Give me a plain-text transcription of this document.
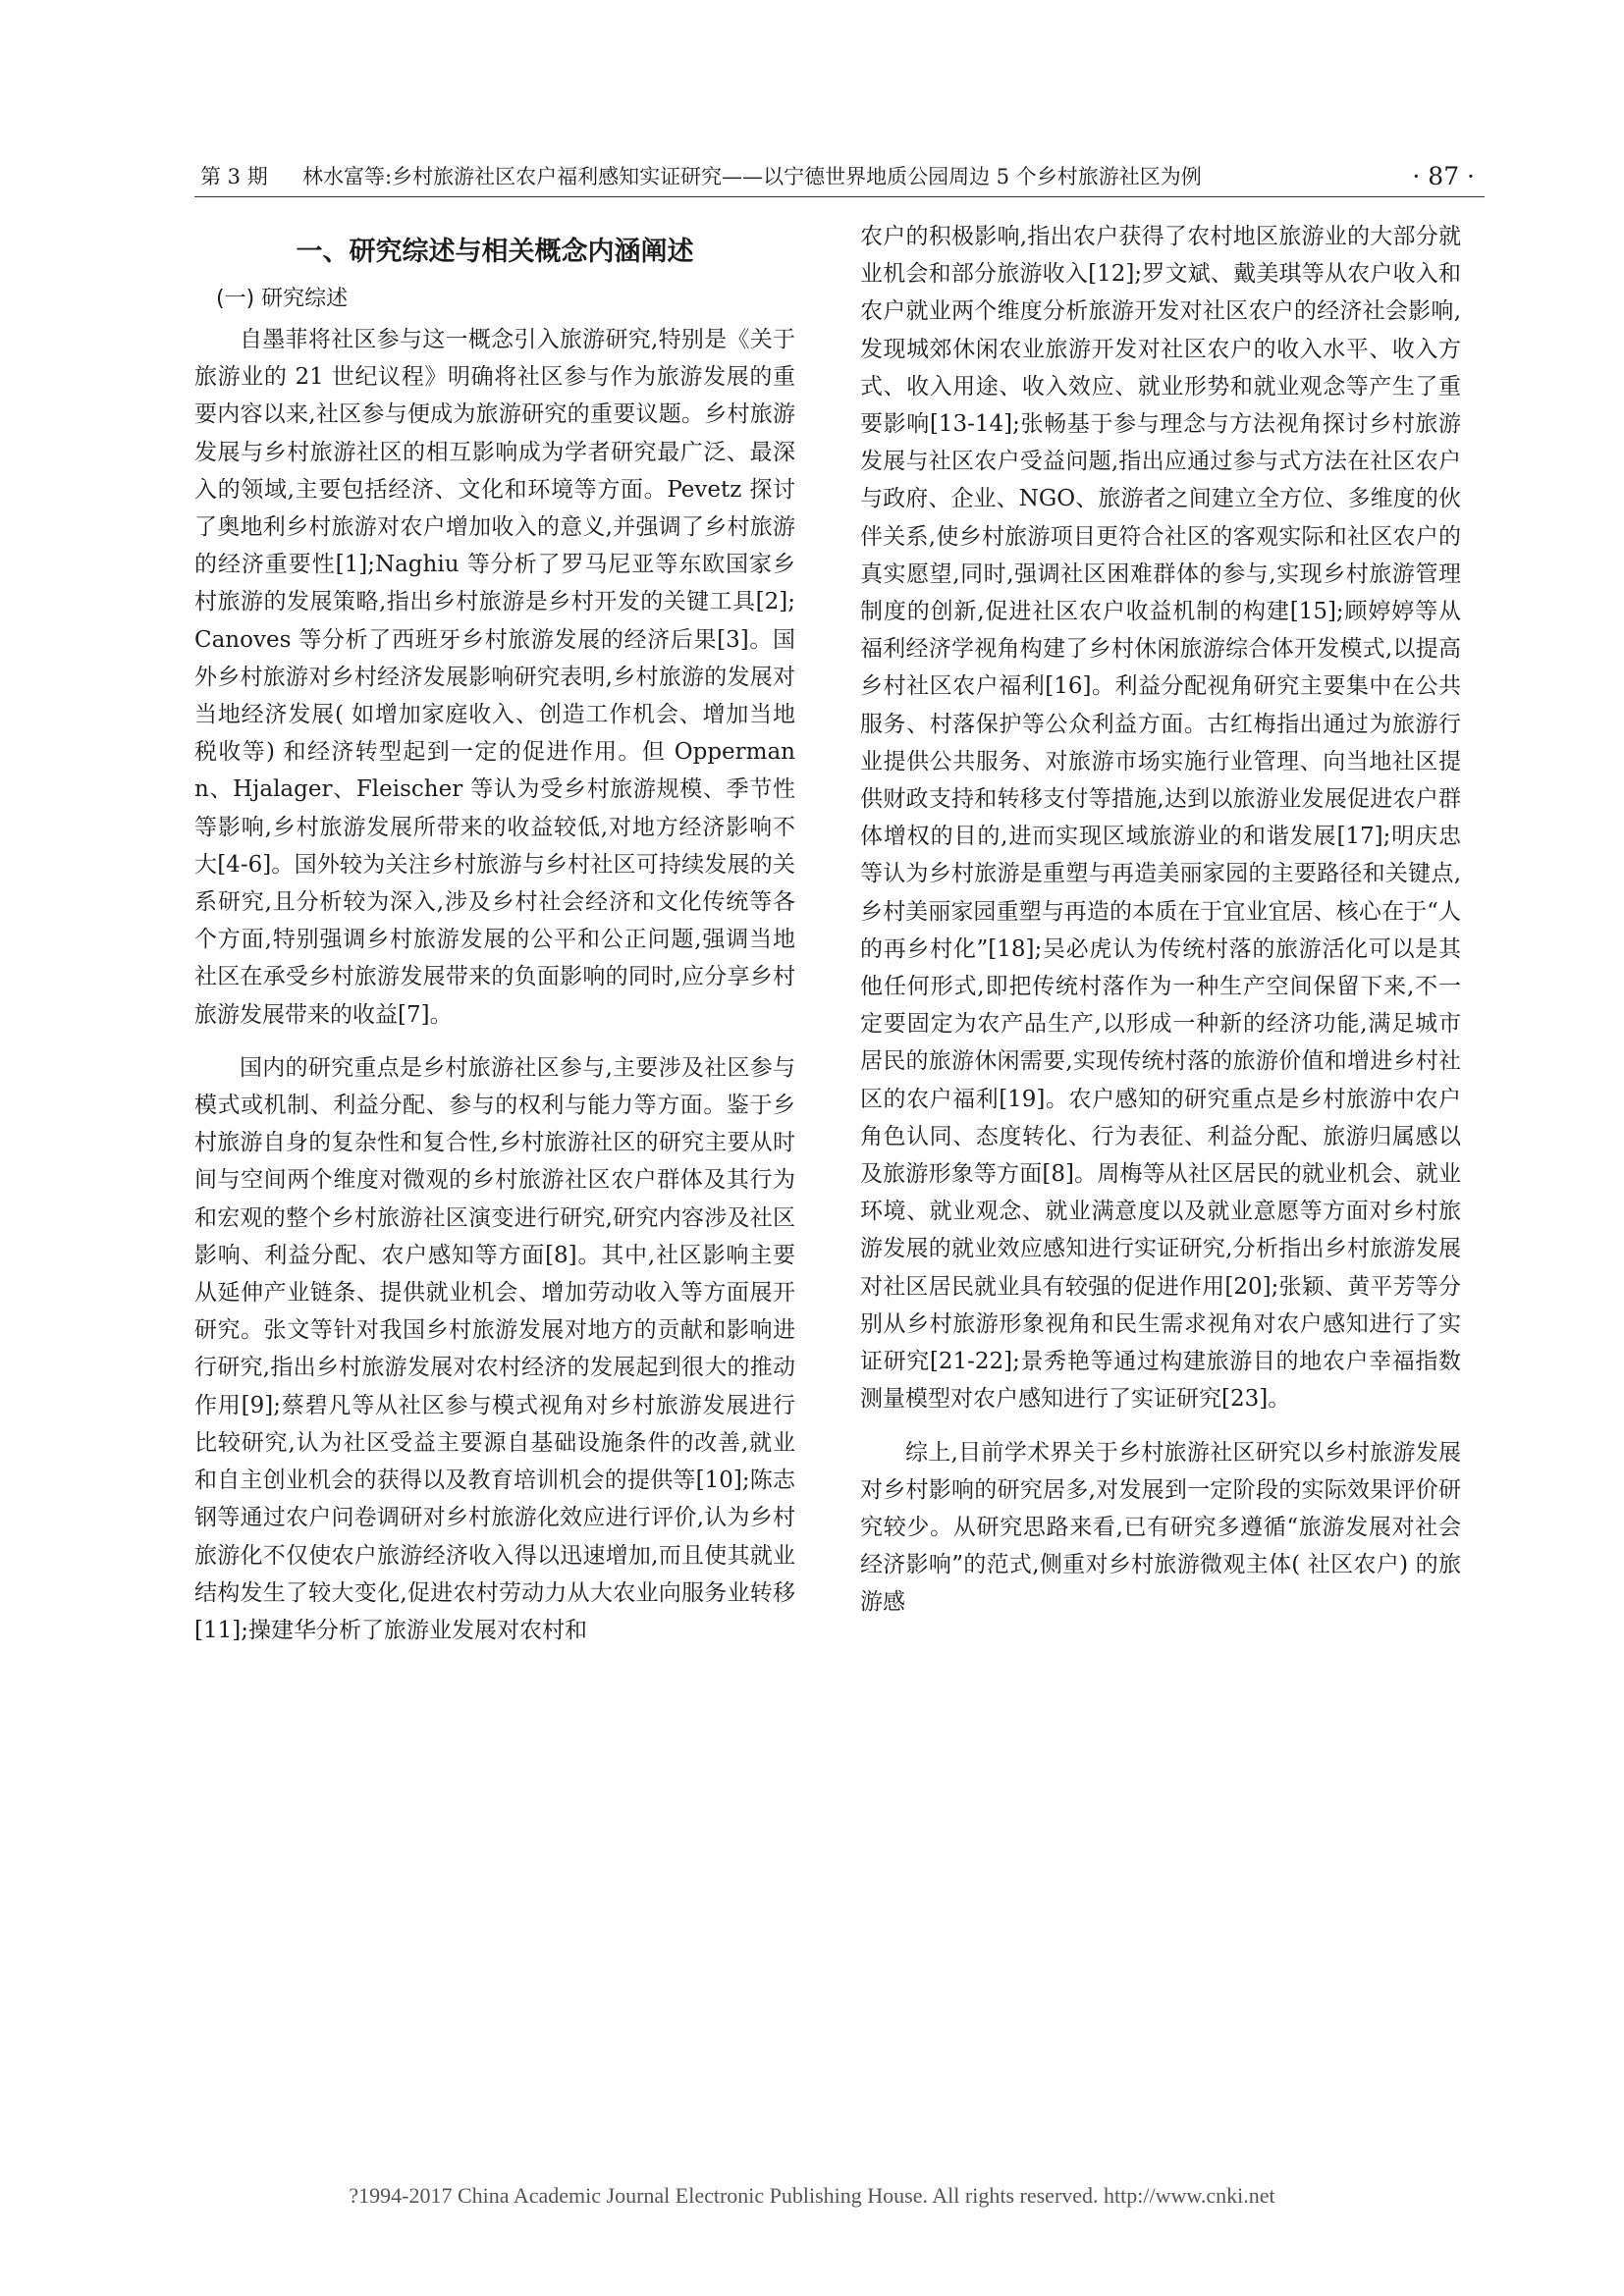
第 3 期 林水富等:乡村旅游社区农户福利感知实证研究——以宁德世界地质公园周边 5 个乡村旅游社区为例	· 87 ·
一、研究综述与相关概念内涵阐述
(一) 研究综述

自墨菲将社区参与这一概念引入旅游研究,特别是《关于旅游业的 21 世纪议程》明确将社区参与作为旅游发展的重要内容以来,社区参与便成为旅游研究的重要议题。乡村旅游发展与乡村旅游社区的相互影响成为学者研究最广泛、最深入的领域,主要包括经济、文化和环境等方面。Pevetz 探讨了奥地利乡村旅游对农户增加收入的意义,并强调了乡村旅游的经济重要性[1];Naghiu 等分析了罗马尼亚等东欧国家乡村旅游的发展策略,指出乡村旅游是乡村开发的关键工具[2];Canoves 等分析了西班牙乡村旅游发展的经济后果[3]。国外乡村旅游对乡村经济发展影响研究表明,乡村旅游的发展对当地经济发展( 如增加家庭收入、创造工作机会、增加当地税收等) 和经济转型起到一定的促进作用。但 Oppermann、Hjalager、Fleischer 等认为受乡村旅游规模、季节性等影响,乡村旅游发展所带来的收益较低,对地方经济影响不大[4-6]。国外较为关注乡村旅游与乡村社区可持续发展的关系研究,且分析较为深入,涉及乡村社会经济和文化传统等各个方面,特别强调乡村旅游发展的公平和公正问题,强调当地社区在承受乡村旅游发展带来的负面影响的同时,应分享乡村旅游发展带来的收益[7]。

国内的研究重点是乡村旅游社区参与,主要涉及社区参与模式或机制、利益分配、参与的权利与能力等方面。鉴于乡村旅游自身的复杂性和复合性,乡村旅游社区的研究主要从时间与空间两个维度对微观的乡村旅游社区农户群体及其行为和宏观的整个乡村旅游社区演变进行研究,研究内容涉及社区影响、利益分配、农户感知等方面[8]。其中,社区影响主要从延伸产业链条、提供就业机会、增加劳动收入等方面展开研究。张文等针对我国乡村旅游发展对地方的贡献和影响进行研究,指出乡村旅游发展对农村经济的发展起到很大的推动作用[9];蔡碧凡等从社区参与模式视角对乡村旅游发展进行比较研究,认为社区受益主要源自基础设施条件的改善,就业和自主创业机会的获得以及教育培训机会的提供等[10];陈志钢等通过农户问卷调研对乡村旅游化效应进行评价,认为乡村旅游化不仅使农户旅游经济收入得以迅速增加,而且使其就业结构发生了较大变化,促进农村劳动力从大农业向服务业转移[11];操建华分析了旅游业发展对农村和

农户的积极影响,指出农户获得了农村地区旅游业的大部分就业机会和部分旅游收入[12];罗文斌、戴美琪等从农户收入和农户就业两个维度分析旅游开发对社区农户的经济社会影响,发现城郊休闲农业旅游开发对社区农户的收入水平、收入方式、收入用途、收入效应、就业形势和就业观念等产生了重要影响[13-14];张畅基于参与理念与方法视角探讨乡村旅游发展与社区农户受益问题,指出应通过参与式方法在社区农户与政府、企业、NGO、旅游者之间建立全方位、多维度的伙伴关系,使乡村旅游项目更符合社区的客观实际和社区农户的真实愿望,同时,强调社区困难群体的参与,实现乡村旅游管理制度的创新,促进社区农户收益机制的构建[15];顾婷婷等从福利经济学视角构建了乡村休闲旅游综合体开发模式,以提高乡村社区农户福利[16]。利益分配视角研究主要集中在公共服务、村落保护等公众利益方面。古红梅指出通过为旅游行业提供公共服务、对旅游市场实施行业管理、向当地社区提供财政支持和转移支付等措施,达到以旅游业发展促进农户群体增权的目的,进而实现区域旅游业的和谐发展[17];明庆忠等认为乡村旅游是重塑与再造美丽家园的主要路径和关键点,乡村美丽家园重塑与再造的本质在于宜业宜居、核心在于“人的再乡村化”[18];吴必虎认为传统村落的旅游活化可以是其他任何形式,即把传统村落作为一种生产空间保留下来,不一定要固定为农产品生产,以形成一种新的经济功能,满足城市居民的旅游休闲需要,实现传统村落的旅游价值和增进乡村社区的农户福利[19]。农户感知的研究重点是乡村旅游中农户角色认同、态度转化、行为表征、利益分配、旅游归属感以及旅游形象等方面[8]。周梅等从社区居民的就业机会、就业环境、就业观念、就业满意度以及就业意愿等方面对乡村旅游发展的就业效应感知进行实证研究,分析指出乡村旅游发展对社区居民就业具有较强的促进作用[20];张颖、黄平芳等分别从乡村旅游形象视角和民生需求视角对农户感知进行了实证研究[21-22];景秀艳等通过构建旅游目的地农户幸福指数测量模型对农户感知进行了实证研究[23]。

综上,目前学术界关于乡村旅游社区研究以乡村旅游发展对乡村影响的研究居多,对发展到一定阶段的实际效果评价研究较少。从研究思路来看,已有研究多遵循“旅游发展对社会经济影响”的范式,侧重对乡村旅游微观主体( 社区农户) 的旅游感

?1994-2017 China Academic Journal Electronic Publishing House. All rights reserved. http://www.cnki.net
